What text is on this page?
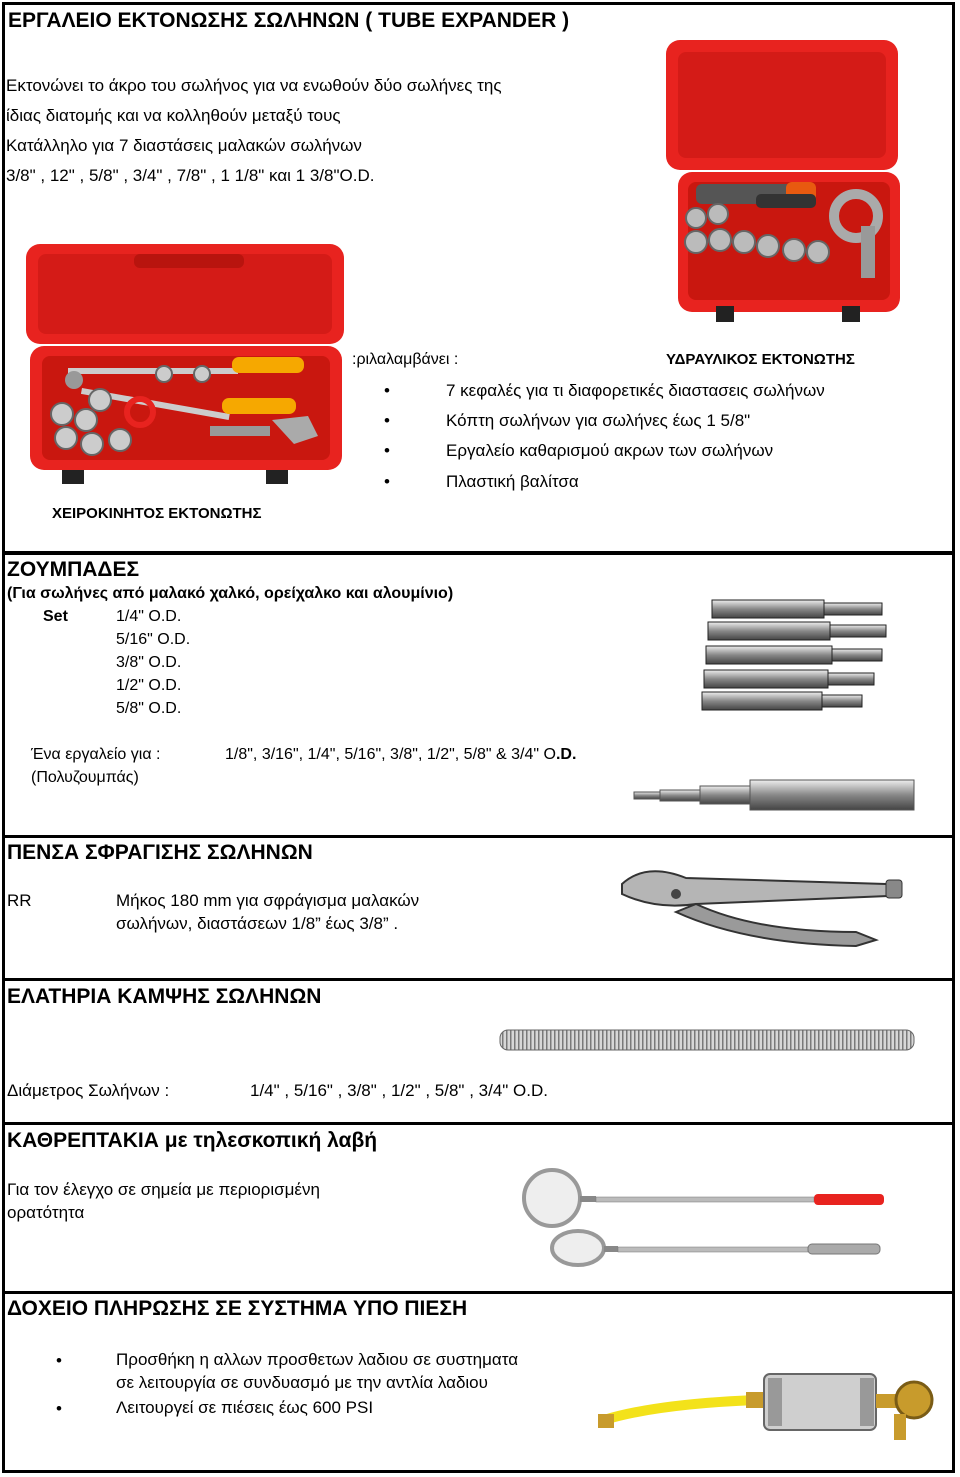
ΕΡΓΑΛΕΙΟ ΕΚΤΟΝΩΣΗΣ ΣΩΛΗΝΩΝ ( TUBE EXPANDER )
Εκτονώνει το άκρο του σωλήνος για να ενωθούν δύο σωλήνες της
ίδιας διατομής και να κολληθούν μεταξύ τους
Κατάλληλο για 7 διαστάσεις μαλακών σωλήνων
3/8" , 12" , 5/8" , 3/4" , 7/8" , 1 1/8" και 1 3/8"O.D.
:ριλαλαμβάνει :	ΥΔΡΑΥΛΙΚΟΣ ΕΚΤΟΝΩΤΗΣ
•	7 κεφαλές για τι διαφορετικές διαστασεις σωλήνων
•	Κόπτη σωλήνων για σωλήνες έως 1 5/8"
•	Εργαλείο καθαρισμού ακρων των σωλήνων
•	Πλαστική βαλίτσα
ΧΕΙΡΟΚΙΝΗΤΟΣ ΕΚΤΟΝΩΤΗΣ
ΖΟΥΜΠΑΔΕΣ
(Για σωλήνες από μαλακό χαλκό, ορείχαλκο και αλουμίνιο)
Set	1/4" O.D.
5/16" O.D.
3/8" O.D.
1/2" O.D.
5/8" O.D.
Ένα εργαλείο για :
(Πολυζουμπάς)
1/8", 3/16", 1/4", 5/16", 3/8", 1/2", 5/8" & 3/4" O.D.
ΠΕΝΣΑ ΣΦΡΑΓΙΣΗΣ ΣΩΛΗΝΩΝ
RR	Μήκος 180 mm για σφράγισμα μαλακών
σωλήνων, διαστάσεων 1/8” έως 3/8” .
ΕΛΑΤΗΡΙΑ ΚΑΜΨΗΣ ΣΩΛΗΝΩΝ
Διάμετρος Σωλήνων :	1/4" , 5/16" , 3/8" , 1/2" , 5/8" , 3/4" O.D.
ΚΑΘΡΕΠΤΑΚΙΑ με τηλεσκοπική λαβή
Για τον έλεγχο σε σημεία με περιορισμένη
ορατότητα
ΔΟΧΕΙΟ ΠΛΗΡΩΣΗΣ ΣΕ ΣΥΣΤΗΜΑ ΥΠΟ ΠΙΕΣΗ
•	Προσθήκη η αλλων προσθετων λαδιου σε συστηματα
σε λειτουργία σε συνδυασμό με την αντλία λαδιου
•	Λειτουργεί σε πιέσεις έως 600 PSI
